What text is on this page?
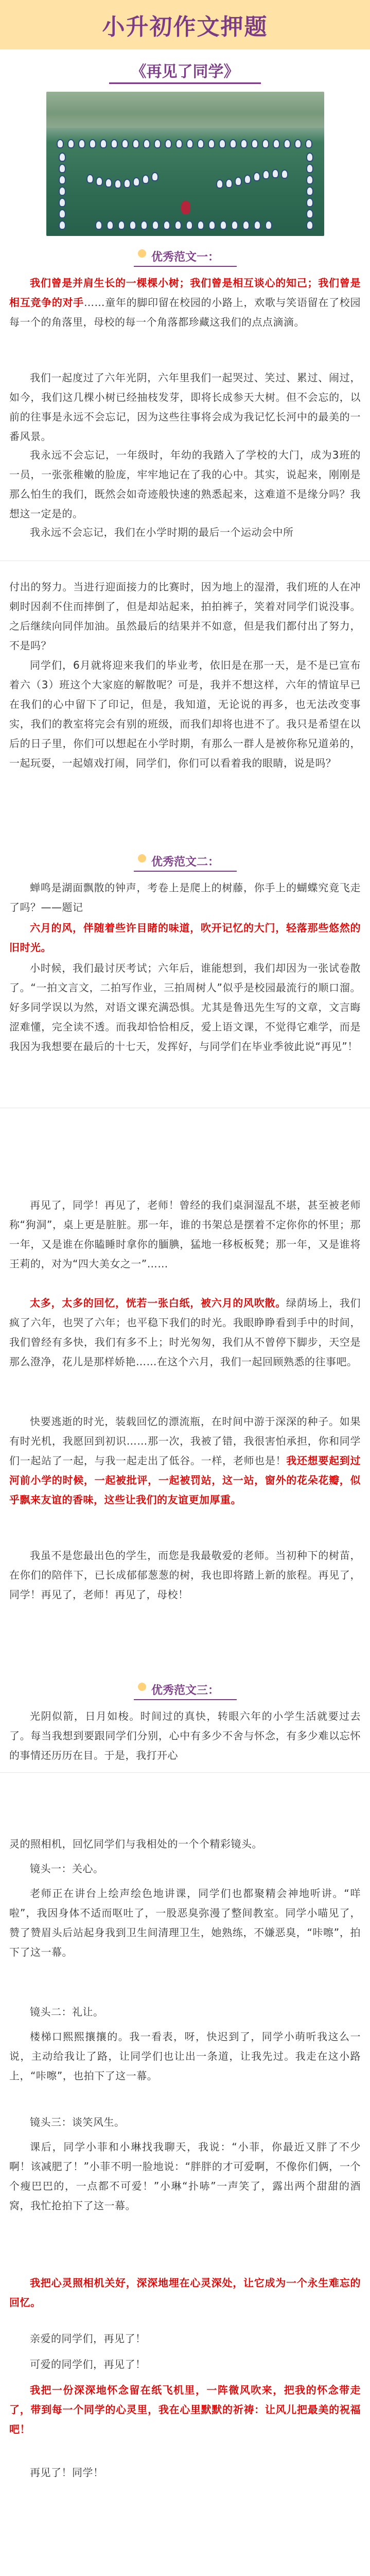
小升初作文押题
《再见了同学》
优秀范文一：
我们曾是并肩生长的一棵棵小树；我们曾是相互谈心的知己；我们曾是相互竞争的对手……童年的脚印留在校园的小路上，欢歌与笑语留在了校园每一个的角落里，母校的每一个角落都珍藏这我们的点点滴滴。
我们一起度过了六年光阴，六年里我们一起哭过、笑过、累过、闹过，如今，我们这几棵小树已经抽枝发芽，即将长成参天大树。但不会忘的，以前的往事是永远不会忘记，因为这些往事将会成为我记忆长河中的最美的一番风景。
我永远不会忘记，一年级时，年幼的我踏入了学校的大门，成为3班的一员，一张张稚嫩的脸庞，牢牢地记在了我的心中。其实，说起来，刚刚是那么怕生的我们，既然会如奇迹般快速的熟悉起来，这难道不是缘分吗？我想这一定是的。
我永远不会忘记，我们在小学时期的最后一个运动会中所
付出的努力。当进行迎面接力的比赛时，因为地上的湿滑，我们班的人在冲刺时因刹不住而摔倒了，但是却站起来，拍拍裤子，笑着对同学们说没事。之后继续向同伴加油。虽然最后的结果并不如意，但是我们都付出了努力，不是吗？
同学们，6月就将迎来我们的毕业考，依旧是在那一天，是不是已宣布着六（3）班这个大家庭的解散呢？可是，我并不想这样，六年的情谊早已在我们的心中留下了印记，但是，我知道，无论说的再多，也无法改变事实，我们的教室将完会有别的班级，而我们却将也进不了。我只是希望在以后的日子里，你们可以想起在小学时期，有那么一群人是被你称兄道弟的，一起玩耍，一起嬉戏打闹，同学们，你们可以看着我的眼睛，说是吗？
优秀范文二：
蝉鸣是湖面飘散的钟声，考卷上是爬上的树藤，你手上的蝴蝶究竟飞走了吗？——题记
六月的风，伴随着些许目睹的味道，吹开记忆的大门，轻落那些悠然的旧时光。
小时候，我们最讨厌考试；六年后，谁能想到，我们却因为一张试卷散了。“一拍文言文，二拍写作业，三拍周树人”似乎是校园最流行的顺口溜。好多同学误以为然，对语文课充满恐惧。尤其是鲁迅先生写的文章，文言晦涩难懂，完全读不透。而我却恰恰相反，爱上语文课，不觉得它难学，而是我因为我想要在最后的十七天，发挥好，与同学们在毕业季彼此说“再见”！
再见了，同学！再见了，老师！曾经的我们桌洞湿乱不堪，甚至被老师称“狗洞”，桌上更是脏脏。那一年，谁的书架总是摆着不定你你的怀里；那一年，又是谁在你瞌睡时拿你的腼腆，猛地一移板板凳；那一年，又是谁将王莉的，对为“四大美女之一”……
太多，太多的回忆，恍若一张白纸，被六月的风吹散。绿荫场上，我们疯了六年，也哭了六年；也平稳下我们的时光。我眼睁睁看到手中的时间，我们曾经有多快，我们有多不上；时光匆匆，我们从不曾停下脚步，天空是那么澄净，花儿是那样娇艳……在这个六月，我们一起回顾熟悉的往事吧。
快要逃逝的时光，装载回忆的漂流瓶，在时间中游于深深的种子。如果有时光机，我愿回到初识……那一次，我被了错，我很害怕承担，你和同学们一起站了一起，与我一起走出了低谷。一样，老师也是！我还想要起到过河前小学的时候，一起被批评，一起被罚站，这一站，窗外的花朵花瓣，似乎飘来友谊的香味，这些让我们的友谊更加厚重。
我虽不是您最出色的学生，而您是我最敬爱的老师。当初种下的树苗，在你们的陪伴下，已长成郁郁葱葱的树，我也即将踏上新的旅程。再见了，同学！再见了，老师！再见了，母校！
优秀范文三：
光阴似箭，日月如梭。时间过的真快，转眼六年的小学生活就要过去了。每当我想到要跟同学们分别，心中有多少不舍与怀念，有多少难以忘怀的事情还历历在目。于是，我打开心
灵的照相机，回忆同学们与我相处的一个个精彩镜头。
镜头一：关心。
老师正在讲台上绘声绘色地讲课，同学们也都聚精会神地听讲。“咩啦”，我因身体不适而呕吐了，一股恶臭弥漫了整间教室。同学小喵见了，赞了赞眉头后站起身我到卫生间清理卫生，她熟练，不嫌恶臭，“咔嚓”，拍下了这一幕。
镜头二：礼让。
楼梯口熙熙攘攘的。我一看表，呀，快迟到了，同学小萌听我这么一说，主动给我让了路，让同学们也让出一条道，让我先过。我走在这小路上，“咔嚓”，也拍下了这一幕。
镜头三：谈笑风生。
课后，同学小菲和小琳找我聊天，我说：“小菲，你最近又胖了不少啊！该减肥了！”小菲不明一脸地说：“胖胖的才可爱啊，不像你们俩，一个个瘦巴巴的，一点都不可爱！”小琳“扑哧”一声笑了，露出两个甜甜的酒窝，我忙抢拍下了这一幕。
我把心灵照相机关好，深深地埋在心灵深处，让它成为一个永生难忘的回忆。
亲爱的同学们，再见了！
可爱的同学们，再见了！
我把一份深深地怀念留在纸飞机里，一阵微风吹来，把我的怀念带走了，带到每一个同学的心灵里，我在心里默默的祈祷：让风儿把最美的祝福吧！
再见了！同学！
